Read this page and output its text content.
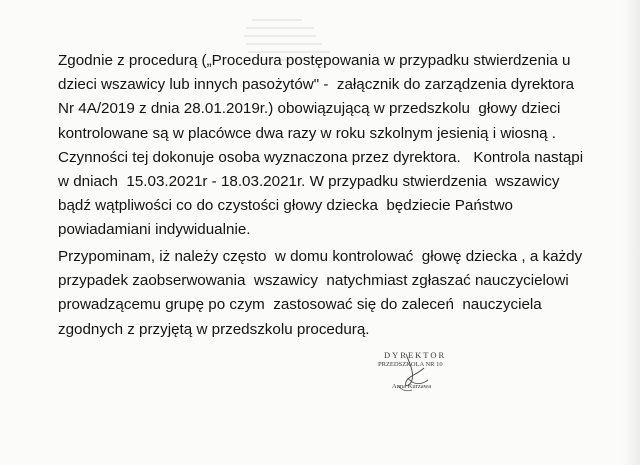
Zgodnie z procedurą („Procedura postępowania w przypadku stwierdzenia u
dzieci wszawicy lub innych pasożytów" -  załącznik do zarządzenia dyrektora
Nr 4A/2019 z dnia 28.01.2019r.) obowiązującą w przedszkolu  głowy dzieci
kontrolowane są w placówce dwa razy w roku szkolnym jesienią i wiosną .
Czynności tej dokonuje osoba wyznaczona przez dyrektora.   Kontrola nastąpi
w dniach  15.03.2021r - 18.03.2021r. W przypadku stwierdzenia  wszawicy
bądź wątpliwości co do czystości głowy dziecka  będziecie Państwo
powiadamiani indywidualnie.
Przypominam, iż należy często  w domu kontrolować  głowę dziecka , a każdy
przypadek zaobserwowania  wszawicy  natychmiast zgłaszać nauczycielowi
prowadzącemu grupę po czym  zastosować się do zaleceń  nauczyciela
zgodnych z przyjętą w przedszkolu procedurą.
DYREKTOR
PRZEDSZKOLA NR 10
Anna Kurzawa
